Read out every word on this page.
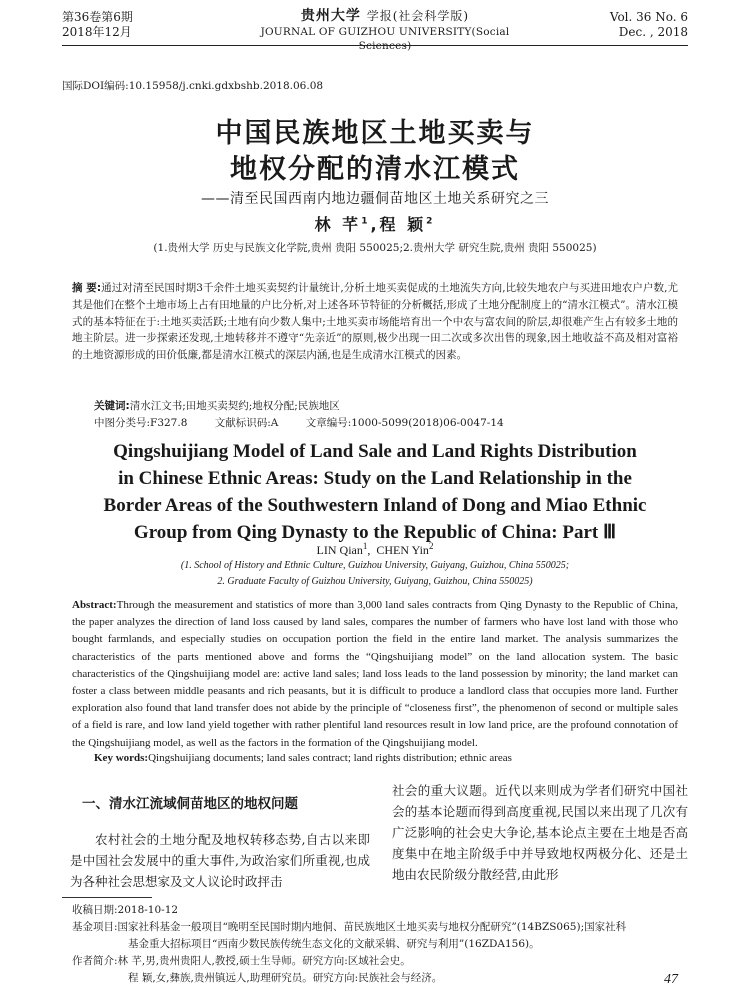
第36卷第6期
2018年12月
贵州大学 学报(社会科学版)
JOURNAL OF GUIZHOU UNIVERSITY(Social Sciences)
Vol. 36 No. 6
Dec. , 2018
国际DOI编码:10.15958/j.cnki.gdxbshb.2018.06.08
中国民族地区土地买卖与
地权分配的清水江模式
——清至民国西南内地边疆侗苗地区土地关系研究之三
林 芊$^1$,程 颖$^2$
(1.贵州大学 历史与民族文化学院,贵州 贵阳 550025;2.贵州大学 研究生院,贵州 贵阳 550025)
摘 要:通过对清至民国时期3千余件土地买卖契约计量统计,分析土地买卖促成的土地流失方向,比较失地农户与买进田地农户户数,尤其是他们在整个土地市场上占有田地量的户比分析,对上述各环节特征的分析概括,形成了土地分配制度上的“清水江模式”。清水江模式的基本特征在于:土地买卖活跃;土地有向少数人集中;土地买卖市场能培育出一个中农与富农间的阶层,却很难产生占有较多土地的地主阶层。进一步探索还发现,土地转移并不遵守“先亲近”的原则,极少出现一田二次或多次出售的现象,因土地收益不高及相对富裕的土地资源形成的田价低廉,都是清水江模式的深层内涵,也是生成清水江模式的因素。
关键词:清水江文书;田地买卖契约;地权分配;民族地区
中图分类号:F327.8	文献标识码:A	文章编号:1000-5099(2018)06-0047-14
Qingshuijiang Model of Land Sale and Land Rights Distribution
in Chinese Ethnic Areas: Study on the Land Relationship in the
Border Areas of the Southwestern Inland of Dong and Miao Ethnic
Group from Qing Dynasty to the Republic of China: Part Ⅲ
LIN Qian$^1$,  CHEN Yin$^2$
(1. School of History and Ethnic Culture, Guizhou University, Guiyang, Guizhou, China 550025;
2. Graduate Faculty of Guizhou University, Guiyang, Guizhou, China 550025)
Abstract:Through the measurement and statistics of more than 3,000 land sales contracts from Qing Dynasty to the Republic of China, the paper analyzes the direction of land loss caused by land sales, compares the number of farmers who have lost land with those who bought farmlands, and especially studies on occupation portion the field in the entire land market. The analysis summarizes the characteristics of the parts mentioned above and forms the “Qingshuijiang model” on the land allocation system. The basic characteristics of the Qingshuijiang model are: active land sales; land loss leads to the land possession by minority; the land market can foster a class between middle peasants and rich peasants, but it is difficult to produce a landlord class that occupies more land. Further exploration also found that land transfer does not abide by the principle of “closeness first”, the phenomenon of second or multiple sales of a field is rare, and low land yield together with rather plentiful land resources result in low land price, are the profound connotation of the Qingshuijiang model, as well as the factors in the formation of the Qingshuijiang model.
Key words:Qingshuijiang documents; land sales contract; land rights distribution; ethnic areas
一、清水江流域侗苗地区的地权问题

农村社会的土地分配及地权转移态势,自古以来即是中国社会发展中的重大事件,为政治家们所重视,也成为各种社会思想家及文人议论时政抨击

社会的重大议题。近代以来则成为学者们研究中国社会的基本论题而得到高度重视,民国以来出现了几次有广泛影响的社会史大争论,基本论点主要在土地是否高度集中在地主阶级手中并导致地权两极分化、还是土地由农民阶级分散经营,由此形

收稿日期:2018-10-12
基金项目:国家社科基金一般项目“晚明至民国时期内地侗、苗民族地区土地买卖与地权分配研究”(14BZS065);国家社科
基金重大招标项目“西南少数民族传统生态文化的文献采辑、研究与利用”(16ZDA156)。
作者简介:林 芊,男,贵州贵阳人,教授,硕士生导师。研究方向:区域社会史。
程 颖,女,彝族,贵州镇远人,助理研究员。研究方向:民族社会与经济。	47
